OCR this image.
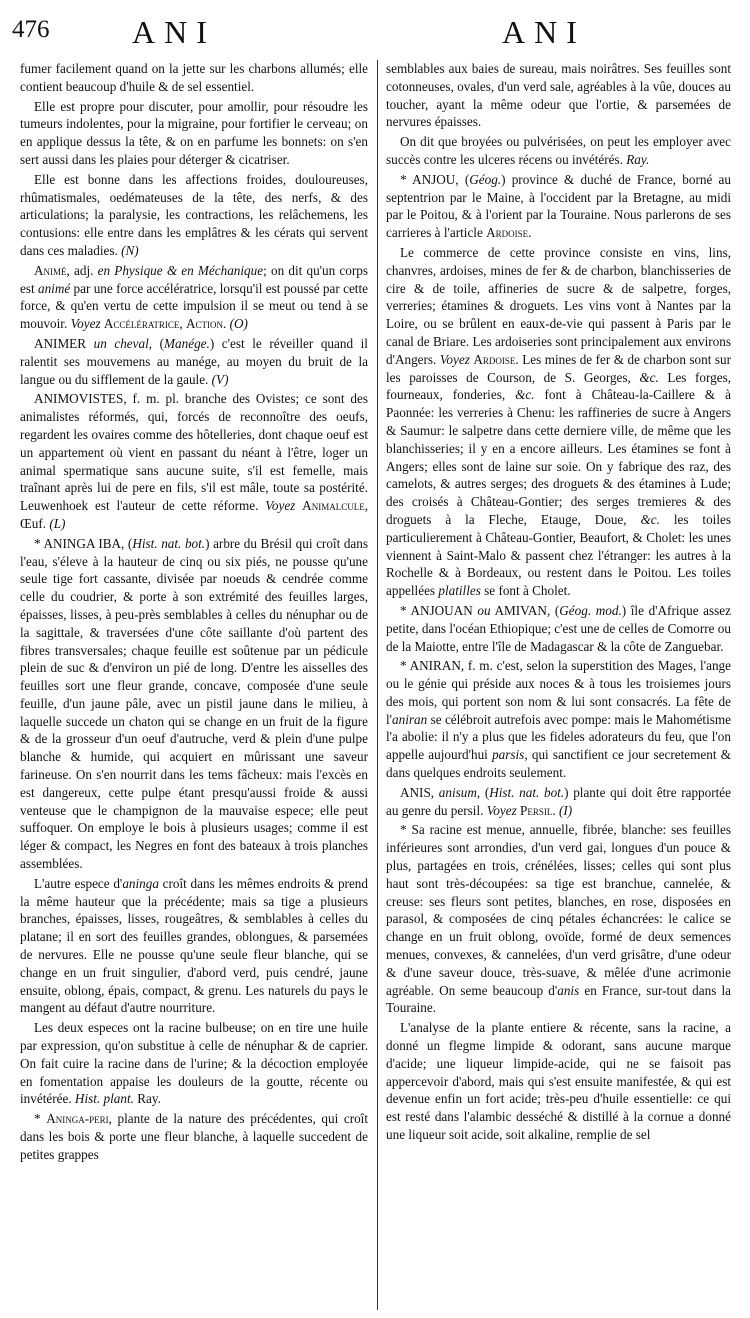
476	ANI	ANI

fumer facilement quand on la jette sur les charbons allumés; elle contient beaucoup d'huile & de sel essentiel.

Elle est propre pour discuter, pour amollir, pour résoudre les tumeurs indolentes, pour la migraine, pour fortifier le cerveau; on en applique dessus la tête, & on en parfume les bonnets: on s'en sert aussi dans les plaies pour déterger & cicatriser.

Elle est bonne dans les affections froides, douloureuses, rhûmatismales, oedémateuses de la tête, des nerfs, & des articulations; la paralysie, les contractions, les relâchemens, les contusions: elle entre dans les emplâtres & les cérats qui servent dans ces maladies. (N)

Animé, adj. en Physique & en Méchanique; on dit qu'un corps est animé par une force accélératrice, lorsqu'il est poussé par cette force, & qu'en vertu de cette impulsion il se meut ou tend à se mouvoir. Voyez Accélératrice, Action. (O)

ANIMER un cheval, (Manége.) c'est le réveiller quand il ralentit ses mouvemens au manége, au moyen du bruit de la langue ou du sifflement de la gaule. (V)

ANIMOVISTES, f. m. pl. branche des Ovistes; ce sont des animalistes réformés, qui, forcés de reconnoître des oeufs, regardent les ovaires comme des hôtelleries, dont chaque oeuf est un appartement où vient en passant du néant à l'être, loger un animal spermatique sans aucune suite, s'il est femelle, mais traînant après lui de pere en fils, s'il est mâle, toute sa postérité. Leuwenhoek est l'auteur de cette réforme. Voyez Animalcule, Œuf. (L)

* ANINGA IBA, (Hist. nat. bot.) arbre du Brésil qui croît dans l'eau, s'éleve à la hauteur de cinq ou six piés, ne pousse qu'une seule tige fort cassante, divisée par noeuds & cendrée comme celle du coudrier, & porte à son extrémité des feuilles larges, épaisses, lisses, à peu-près semblables à celles du nénuphar ou de la sagittale, & traversées d'une côte saillante d'où partent des fibres transversales; chaque feuille est soûtenue par un pédicule plein de suc & d'environ un pié de long. D'entre les aisselles des feuilles sort une fleur grande, concave, composée d'une seule feuille, d'un jaune pâle, avec un pistil jaune dans le milieu, à laquelle succede un chaton qui se change en un fruit de la figure & de la grosseur d'un oeuf d'autruche, verd & plein d'une pulpe blanche & humide, qui acquiert en mûrissant une saveur farineuse. On s'en nourrit dans les tems fâcheux: mais l'excès en est dangereux, cette pulpe étant presqu'aussi froide & aussi venteuse que le champignon de la mauvaise espece; elle peut suffoquer. On employe le bois à plusieurs usages; comme il est léger & compact, les Negres en font des bateaux à trois planches assemblées.

L'autre espece d'aninga croît dans les mêmes endroits & prend la même hauteur que la précédente; mais sa tige a plusieurs branches, épaisses, lisses, rougeâtres, & semblables à celles du platane; il en sort des feuilles grandes, oblongues, & parsemées de nervures. Elle ne pousse qu'une seule fleur blanche, qui se change en un fruit singulier, d'abord verd, puis cendré, jaune ensuite, oblong, épais, compact, & grenu. Les naturels du pays le mangent au défaut d'autre nourriture.

Les deux especes ont la racine bulbeuse; on en tire une huile par expression, qu'on substitue à celle de nénuphar & de caprier. On fait cuire la racine dans de l'urine; & la décoction employée en fomentation appaise les douleurs de la goutte, récente ou invétérée. Hist. plant. Ray.

* Aninga-peri, plante de la nature des précédentes, qui croît dans les bois & porte une fleur blanche, à laquelle succedent de petites grappes

semblables aux baies de sureau, mais noirâtres. Ses feuilles sont cotonneuses, ovales, d'un verd sale, agréables à la vûe, douces au toucher, ayant la même odeur que l'ortie, & parsemées de nervures épaisses.

On dit que broyées ou pulvérisées, on peut les employer avec succès contre les ulceres récens ou invétérés. Ray.

* ANJOU, (Géog.) province & duché de France, borné au septentrion par le Maine, à l'occident par la Bretagne, au midi par le Poitou, & à l'orient par la Touraine. Nous parlerons de ses carrieres à l'article Ardoise.

Le commerce de cette province consiste en vins, lins, chanvres, ardoises, mines de fer & de charbon, blanchisseries de cire & de toile, affineries de sucre & de salpetre, forges, verreries; étamines & droguets. Les vins vont à Nantes par la Loire, ou se brûlent en eaux-de-vie qui passent à Paris par le canal de Briare. Les ardoiseries sont principalement aux environs d'Angers. Voyez Ardoise. Les mines de fer & de charbon sont sur les paroisses de Courson, de S. Georges, &c. Les forges, fourneaux, fonderies, &c. font à Château-la-Caillere & à Paonnée: les verreries à Chenu: les raffineries de sucre à Angers & Saumur: le salpetre dans cette derniere ville, de même que les blanchisseries; il y en a encore ailleurs. Les étamines se font à Angers; elles sont de laine sur soie. On y fabrique des raz, des camelots, & autres serges; des droguets & des étamines à Lude; des croisés à Château-Gontier; des serges tremieres & des droguets à la Fleche, Etauge, Doue, &c. les toiles particulierement à Château-Gontier, Beaufort, & Cholet: les unes viennent à Saint-Malo & passent chez l'étranger: les autres à la Rochelle & à Bordeaux, ou restent dans le Poitou. Les toiles appellées platilles se font à Cholet.

* ANJOUAN ou AMIVAN, (Géog. mod.) île d'Afrique assez petite, dans l'océan Ethiopique; c'est une de celles de Comorre ou de la Maiotte, entre l'île de Madagascar & la côte de Zanguebar.

* ANIRAN, f. m. c'est, selon la superstition des Mages, l'ange ou le génie qui préside aux noces & à tous les troisiemes jours des mois, qui portent son nom & lui sont consacrés. La fête de l'aniran se célébroit autrefois avec pompe: mais le Mahométisme l'a abolie: il n'y a plus que les fideles adorateurs du feu, que l'on appelle aujourd'hui parsis, qui sanctifient ce jour secretement & dans quelques endroits seulement.

ANIS, anisum, (Hist. nat. bot.) plante qui doit être rapportée au genre du persil. Voyez Persil. (I)

* Sa racine est menue, annuelle, fibrée, blanche: ses feuilles inférieures sont arrondies, d'un verd gai, longues d'un pouce & plus, partagées en trois, crénélées, lisses; celles qui sont plus haut sont très-découpées: sa tige est branchue, cannelée, & creuse: ses fleurs sont petites, blanches, en rose, disposées en parasol, & composées de cinq pétales échancrées: le calice se change en un fruit oblong, ovoïde, formé de deux semences menues, convexes, & cannelées, d'un verd grisâtre, d'une odeur & d'une saveur douce, très-suave, & mêlée d'une acrimonie agréable. On seme beaucoup d'anis en France, sur-tout dans la Touraine.

L'analyse de la plante entiere & récente, sans la racine, a donné un flegme limpide & odorant, sans aucune marque d'acide; une liqueur limpide-acide, qui ne se faisoit pas appercevoir d'abord, mais qui s'est ensuite manifestée, & qui est devenue enfin un fort acide; très-peu d'huile essentielle: ce qui est resté dans l'alambic desséché & distillé à la cornue a donné une liqueur soit acide, soit alkaline, remplie de sel
